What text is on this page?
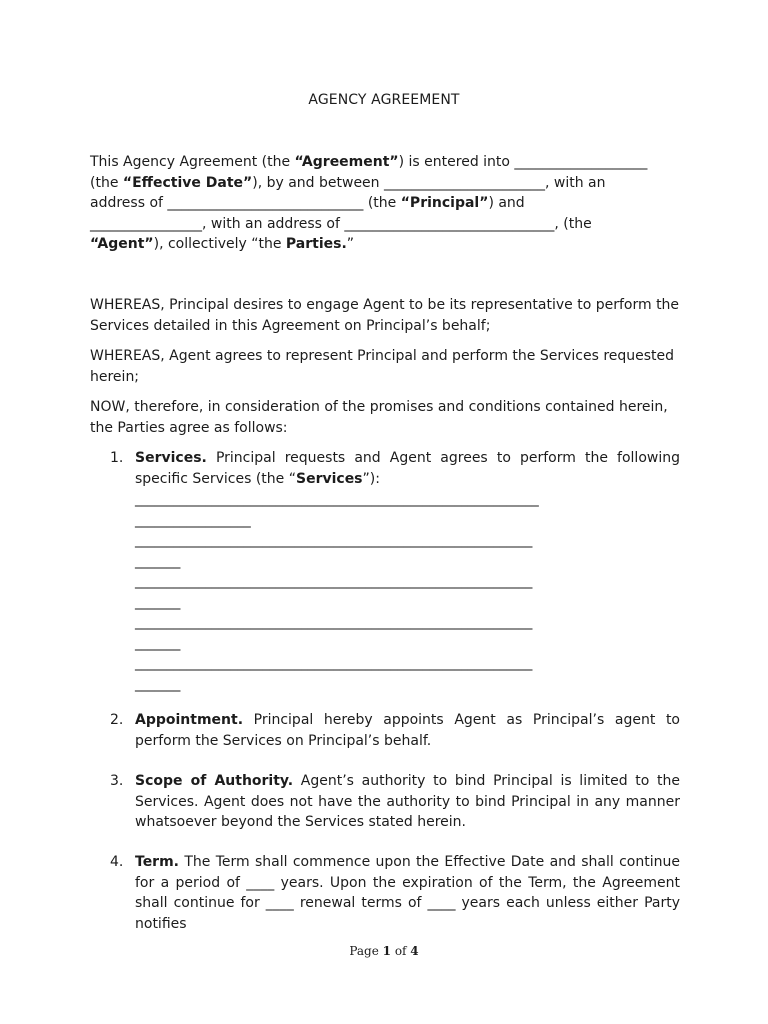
AGENCY AGREEMENT

This Agency Agreement (the “Agreement”) is entered into ___________________
(the “Effective Date”), by and between _______________________, with an
address of ____________________________ (the “Principal”) and
________________, with an address of ______________________________, (the
“Agent”), collectively “the Parties.”

WHEREAS, Principal desires to engage Agent to be its representative to perform the Services detailed in this Agreement on Principal’s behalf;

WHEREAS, Agent agrees to represent Principal and perform the Services requested herein;

NOW, therefore, in consideration of the promises and conditions contained herein, the Parties agree as follows:

1. Services. Principal requests and Agent agrees to perform the following specific Services (the “Services”):
_______________________________________________________________
__________________
______________________________________________________________
_______
______________________________________________________________
_______
______________________________________________________________
_______
______________________________________________________________
_______
2. Appointment. Principal hereby appoints Agent as Principal’s agent to perform the Services on Principal’s behalf.
3. Scope of Authority. Agent’s authority to bind Principal is limited to the Services. Agent does not have the authority to bind Principal in any manner whatsoever beyond the Services stated herein.
4. Term. The Term shall commence upon the Effective Date and shall continue for a period of ____ years. Upon the expiration of the Term, the Agreement shall continue for ____ renewal terms of ____ years each unless either Party notifies
Page 1 of 4
